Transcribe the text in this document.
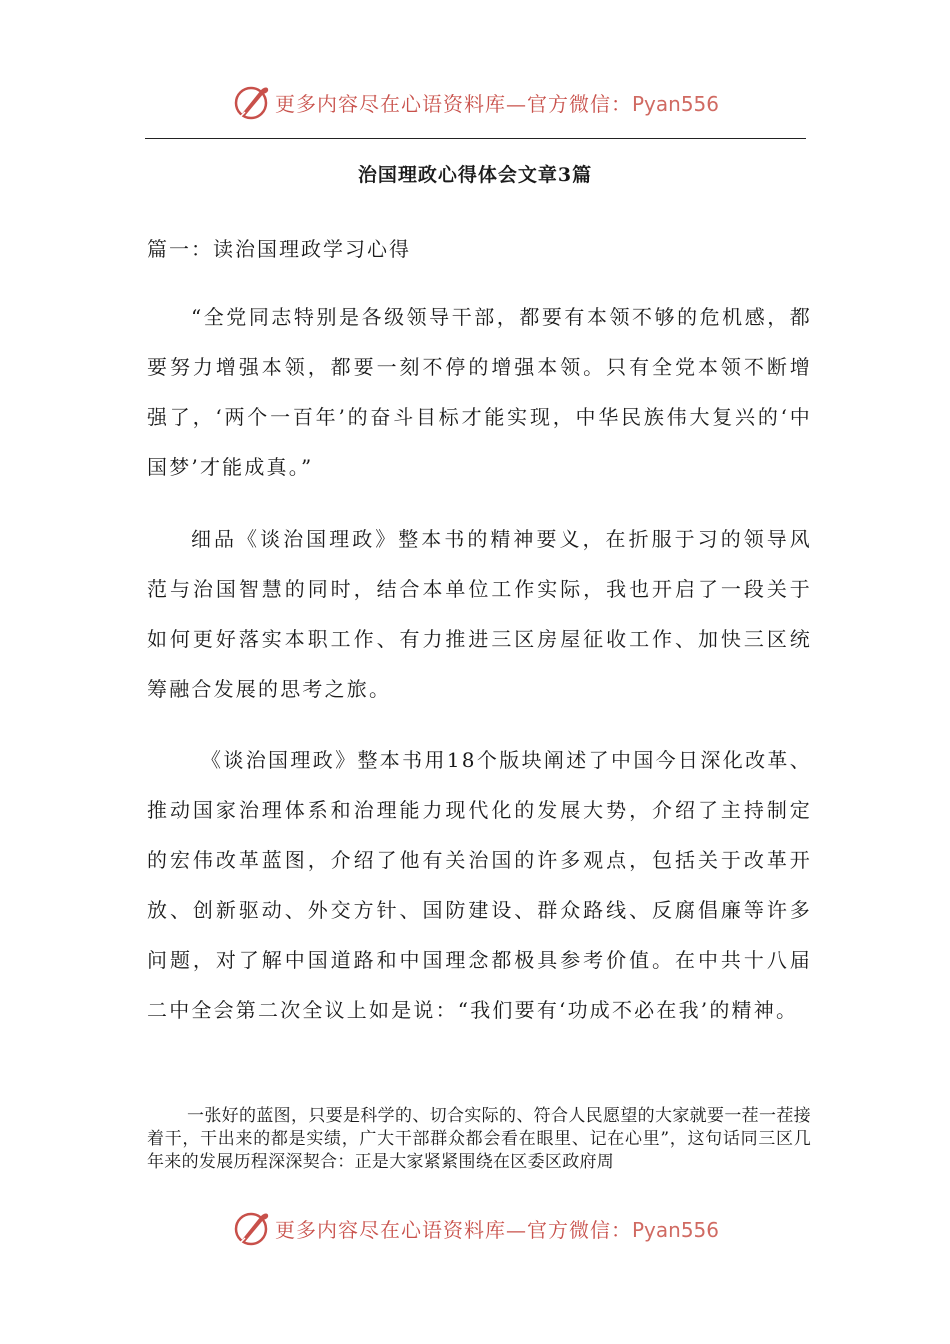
更多内容尽在心语资料库—官方微信：Pyan556
治国理政心得体会文章3篇
篇一：读治国理政学习心得

“全党同志特别是各级领导干部，都要有本领不够的危机感，都要努力增强本领，都要一刻不停的增强本领。只有全党本领不断增强了，‘两个一百年’的奋斗目标才能实现，中华民族伟大复兴的‘中国梦’才能成真。”

细品《谈治国理政》整本书的精神要义，在折服于习的领导风范与治国智慧的同时，结合本单位工作实际，我也开启了一段关于如何更好落实本职工作、有力推进三区房屋征收工作、加快三区统筹融合发展的思考之旅。

《谈治国理政》整本书用18个版块阐述了中国今日深化改革、推动国家治理体系和治理能力现代化的发展大势，介绍了主持制定的宏伟改革蓝图，介绍了他有关治国的许多观点，包括关于改革开放、创新驱动、外交方针、国防建设、群众路线、反腐倡廉等许多问题，对了解中国道路和中国理念都极具参考价值。在中共十八届二中全会第二次全议上如是说：“我们要有‘功成不必在我’的精神。

一张好的蓝图，只要是科学的、切合实际的、符合人民愿望的大家就要一茬一茬接着干，干出来的都是实绩，广大干部群众都会看在眼里、记在心里”，这句话同三区几年来的发展历程深深契合：正是大家紧紧围绕在区委区政府周

更多内容尽在心语资料库—官方微信：Pyan556
